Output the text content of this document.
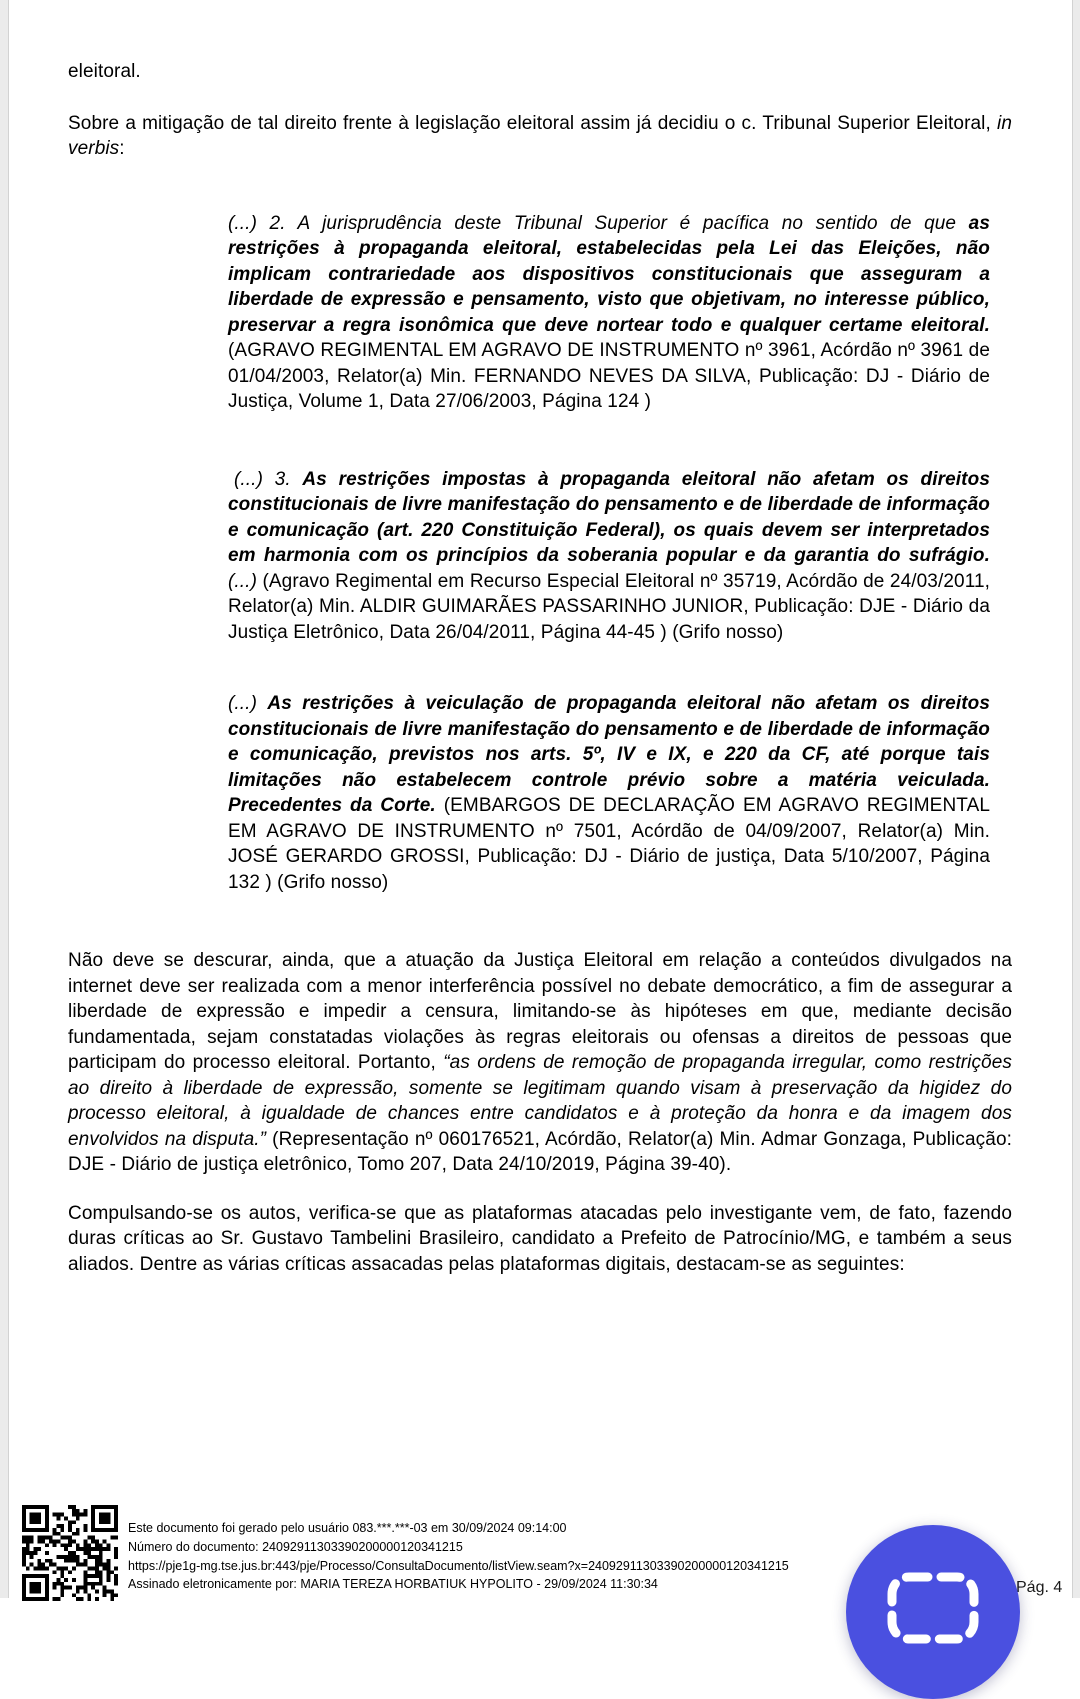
eleitoral.

Sobre a mitigação de tal direito frente à legislação eleitoral assim já decidiu o c. Tribunal Superior Eleitoral, in verbis:

(...) 2. A jurisprudência deste Tribunal Superior é pacífica no sentido de que as restrições à propaganda eleitoral, estabelecidas pela Lei das Eleições, não implicam contrariedade aos dispositivos constitucionais que asseguram a liberdade de expressão e pensamento, visto que objetivam, no interesse público, preservar a regra isonômica que deve nortear todo e qualquer certame eleitoral. (AGRAVO REGIMENTAL EM AGRAVO DE INSTRUMENTO nº 3961, Acórdão nº 3961 de 01/04/2003, Relator(a) Min. FERNANDO NEVES DA SILVA, Publicação: DJ - Diário de Justiça, Volume 1, Data 27/06/2003, Página 124 )

(...) 3. As restrições impostas à propaganda eleitoral não afetam os direitos constitucionais de livre manifestação do pensamento e de liberdade de informação e comunicação (art. 220 Constituição Federal), os quais devem ser interpretados em harmonia com os princípios da soberania popular e da garantia do sufrágio. (...) (Agravo Regimental em Recurso Especial Eleitoral nº 35719, Acórdão de 24/03/2011, Relator(a) Min. ALDIR GUIMARÃES PASSARINHO JUNIOR, Publicação: DJE - Diário da Justiça Eletrônico, Data 26/04/2011, Página 44-45 ) (Grifo nosso)

(...) As restrições à veiculação de propaganda eleitoral não afetam os direitos constitucionais de livre manifestação do pensamento e de liberdade de informação e comunicação, previstos nos arts. 5º, IV e IX, e 220 da CF, até porque tais limitações não estabelecem controle prévio sobre a matéria veiculada. Precedentes da Corte. (EMBARGOS DE DECLARAÇÃO EM AGRAVO REGIMENTAL EM AGRAVO DE INSTRUMENTO nº 7501, Acórdão de 04/09/2007, Relator(a) Min. JOSÉ GERARDO GROSSI, Publicação: DJ - Diário de justiça, Data 5/10/2007, Página 132 ) (Grifo nosso)

Não deve se descurar, ainda, que a atuação da Justiça Eleitoral em relação a conteúdos divulgados na internet deve ser realizada com a menor interferência possível no debate democrático, a fim de assegurar a liberdade de expressão e impedir a censura, limitando-se às hipóteses em que, mediante decisão fundamentada, sejam constatadas violações às regras eleitorais ou ofensas a direitos de pessoas que participam do processo eleitoral. Portanto, “as ordens de remoção de propaganda irregular, como restrições ao direito à liberdade de expressão, somente se legitimam quando visam à preservação da higidez do processo eleitoral, à igualdade de chances entre candidatos e à proteção da honra e da imagem dos envolvidos na disputa.” (Representação nº 060176521, Acórdão, Relator(a) Min. Admar Gonzaga, Publicação: DJE - Diário de justiça eletrônico, Tomo 207, Data 24/10/2019, Página 39-40).

Compulsando-se os autos, verifica-se que as plataformas atacadas pelo investigante vem, de fato, fazendo duras críticas ao Sr. Gustavo Tambelini Brasileiro, candidato a Prefeito de Patrocínio/MG, e também a seus aliados. Dentre as várias críticas assacadas pelas plataformas digitais, destacam-se as seguintes:

Este documento foi gerado pelo usuário 083.***.***-03 em 30/09/2024 09:14:00
Número do documento: 24092911303390200000120341215
https://pje1g-mg.tse.jus.br:443/pje/Processo/ConsultaDocumento/listView.seam?x=24092911303390200000120341215
Assinado eletronicamente por: MARIA TEREZA HORBATIUK HYPOLITO - 29/09/2024 11:30:34	Pág. 4
